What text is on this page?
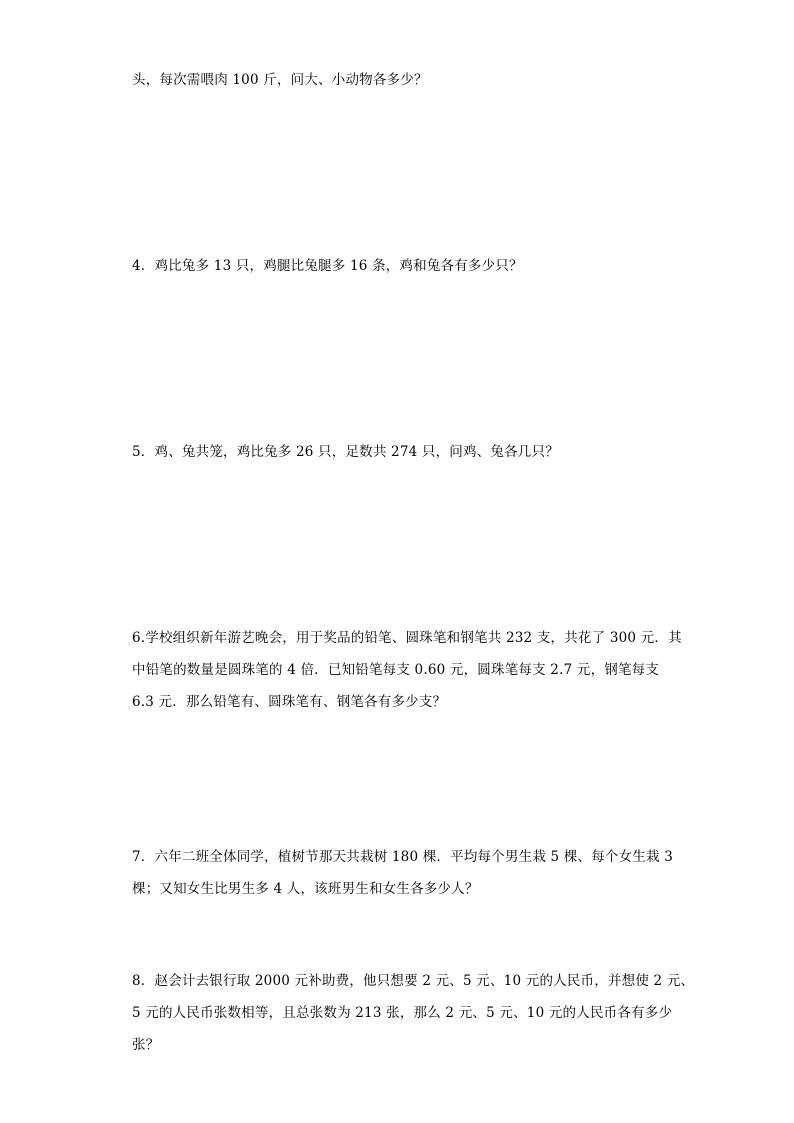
头，每次需喂肉 100 斤，问大、小动物各多少？
4．鸡比兔多 13 只，鸡腿比兔腿多 16 条，鸡和兔各有多少只？
5．鸡、兔共笼，鸡比兔多 26 只，足数共 274 只，问鸡、兔各几只？
6.学校组织新年游艺晚会，用于奖品的铅笔、圆珠笔和钢笔共 232 支，共花了 300 元．其
中铅笔的数量是圆珠笔的 4 倍．已知铅笔每支 0.60 元，圆珠笔每支 2.7 元，钢笔每支
6.3 元．那么铅笔有、圆珠笔有、钢笔各有多少支？
7．六年二班全体同学，植树节那天共栽树 180 棵．平均每个男生栽 5 棵、每个女生栽 3
棵；又知女生比男生多 4 人，该班男生和女生各多少人？
8．赵会计去银行取 2000 元补助费，他只想要 2 元、5 元、10 元的人民币，并想使 2 元、
5 元的人民币张数相等，且总张数为 213 张，那么 2 元、5 元、10 元的人民币各有多少
张？
